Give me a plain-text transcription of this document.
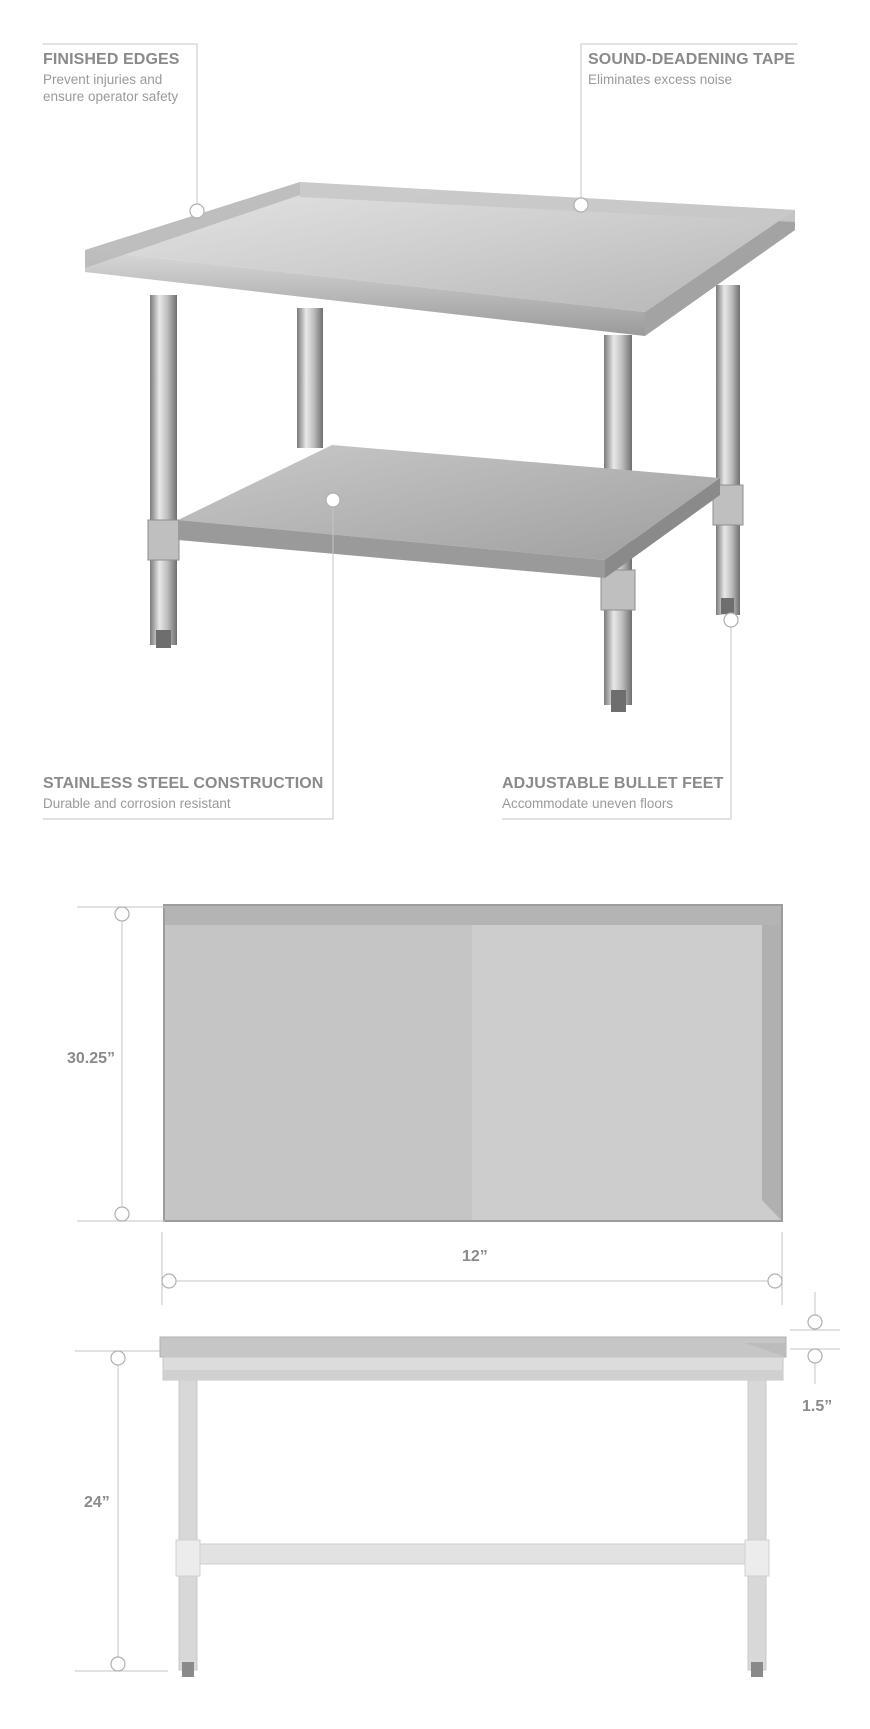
FINISHED EDGES
Prevent injuries and
ensure operator safety
SOUND-DEADENING TAPE
Eliminates excess noise
STAINLESS STEEL CONSTRUCTION
Durable and corrosion resistant
ADJUSTABLE BULLET FEET
Accommodate uneven floors
30.25”
12”
24”
1.5”
